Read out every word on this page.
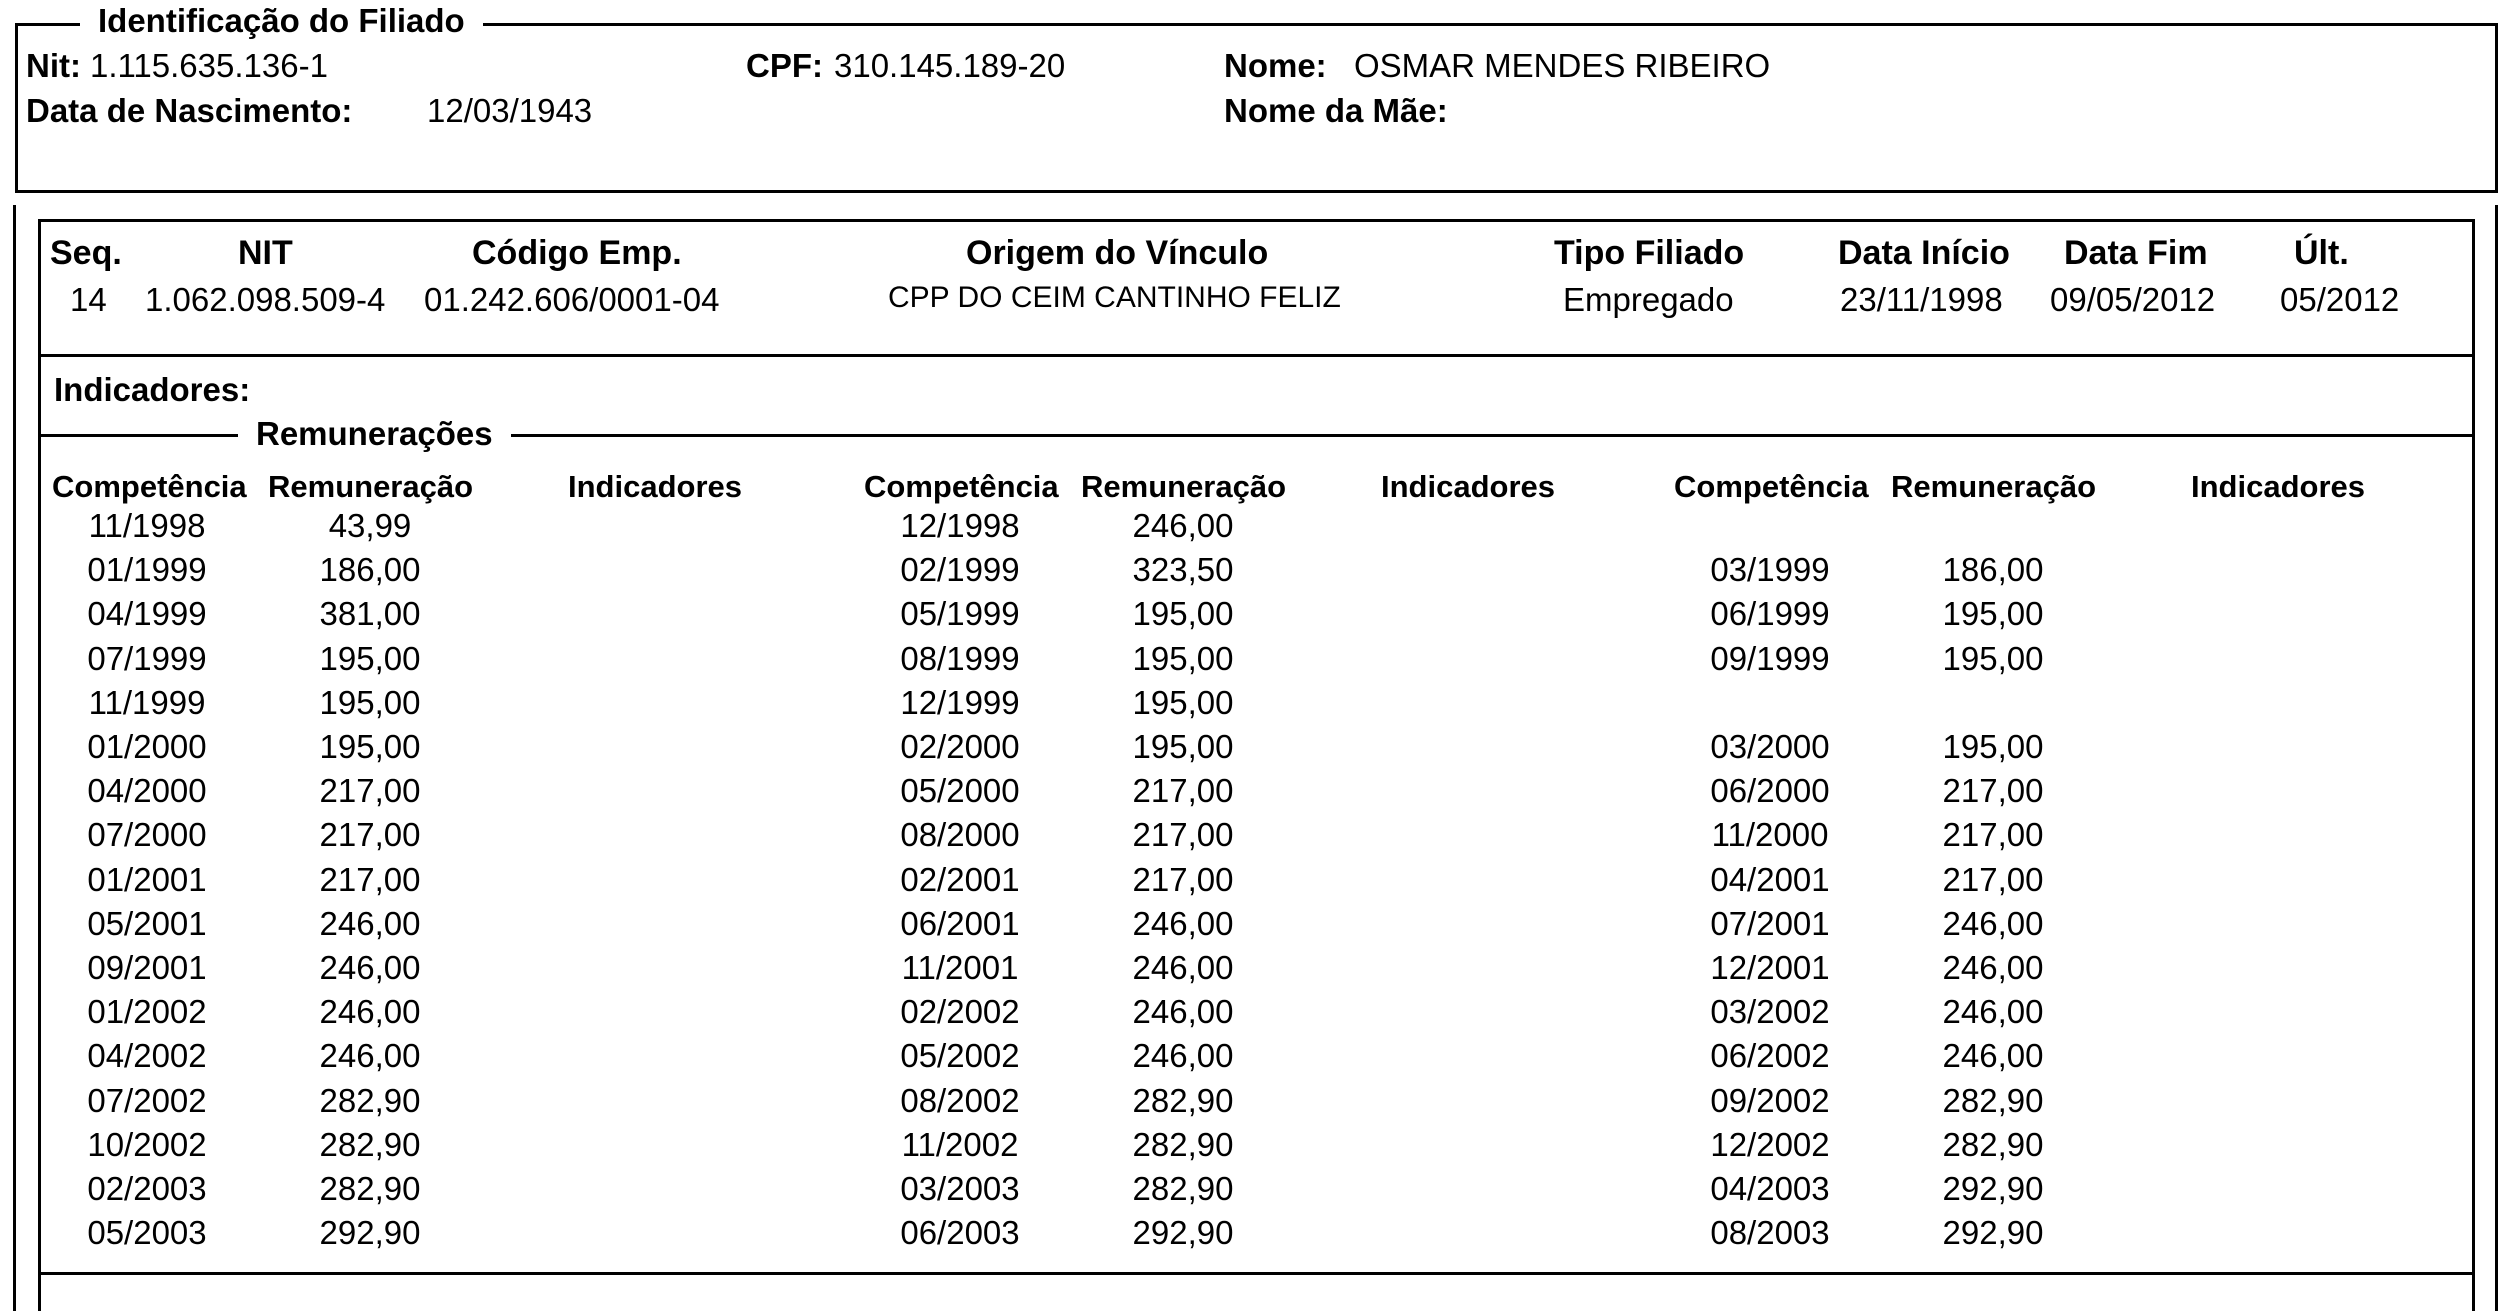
Identificação do Filiado
Nit: 1.115.635.136-1	CPF: 310.145.189-20	Nome: OSMAR MENDES RIBEIRO
Data de Nascimento: 12/03/1943	Nome da Mãe:
Seq.	NIT	Código Emp.	Origem do Vínculo	Tipo Filiado	Data Início Data Fim	Últ.
14 1.062.098.509-4 01.242.606/0001-04	CPP DO CEIM CANTINHO FELIZ	Empregado	23/11/1998 09/05/2012 05/2012
Indicadores:
Remunerações
Competência Remuneração	Indicadores	Competência Remuneração	Indicadores	Competência Remuneração	Indicadores
11/1998	43,99	12/1998	246,00
01/1999	186,00	02/1999	323,50	03/1999	186,00
04/1999	381,00	05/1999	195,00	06/1999	195,00
07/1999	195,00	08/1999	195,00	09/1999	195,00
11/1999	195,00	12/1999	195,00
01/2000	195,00	02/2000	195,00	03/2000	195,00
04/2000	217,00	05/2000	217,00	06/2000	217,00
07/2000	217,00	08/2000	217,00	11/2000	217,00
01/2001	217,00	02/2001	217,00	04/2001	217,00
05/2001	246,00	06/2001	246,00	07/2001	246,00
09/2001	246,00	11/2001	246,00	12/2001	246,00
01/2002	246,00	02/2002	246,00	03/2002	246,00
04/2002	246,00	05/2002	246,00	06/2002	246,00
07/2002	282,90	08/2002	282,90	09/2002	282,90
10/2002	282,90	11/2002	282,90	12/2002	282,90
02/2003	282,90	03/2003	282,90	04/2003	292,90
05/2003	292,90	06/2003	292,90	08/2003	292,90
